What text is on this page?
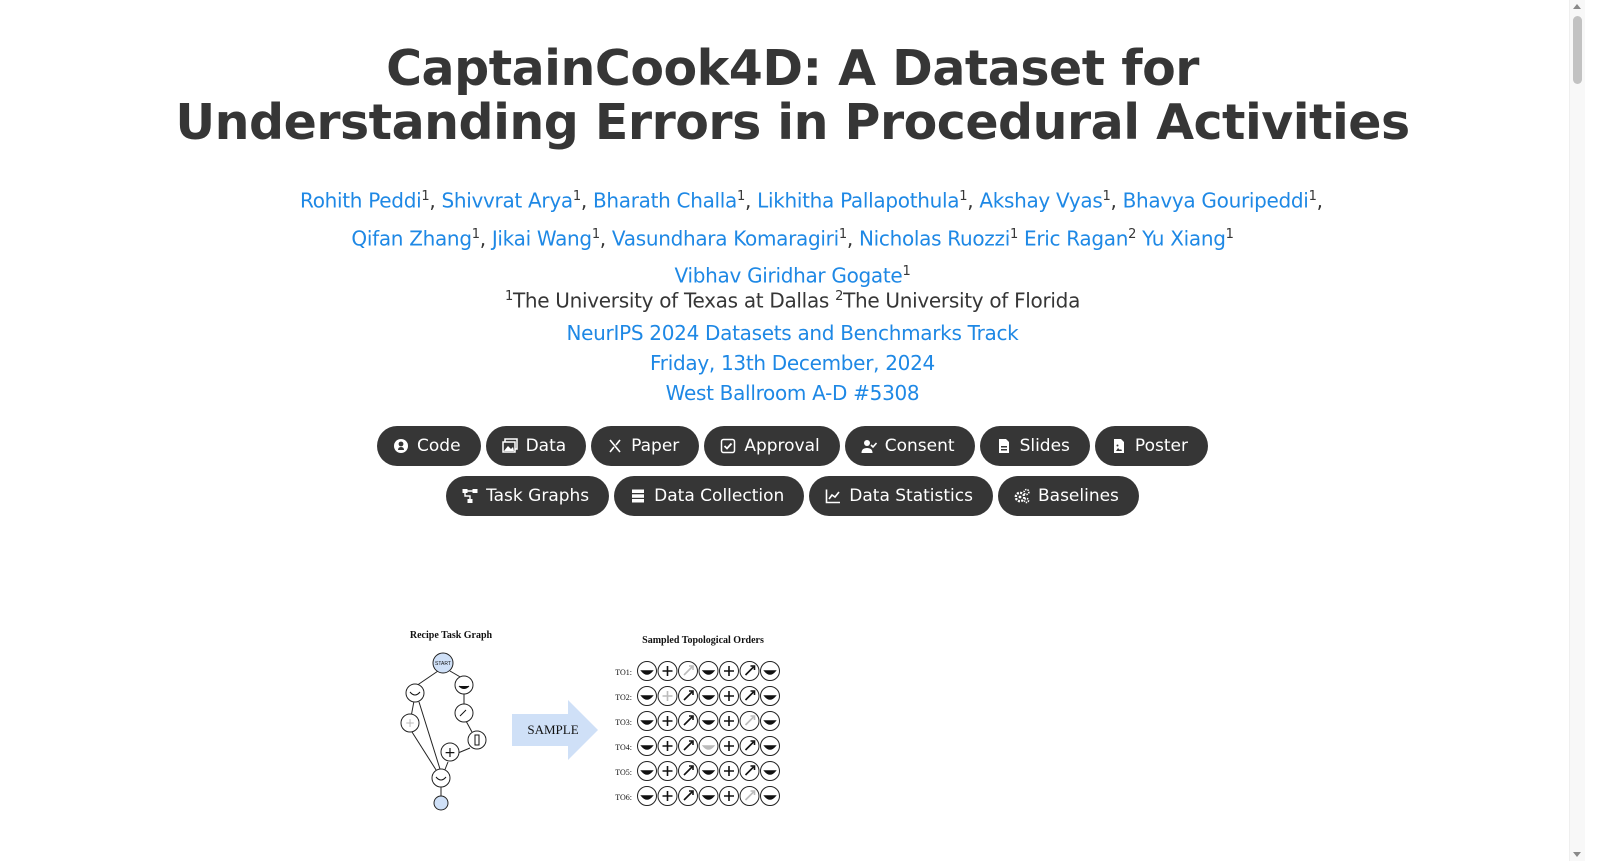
CaptainCook4D: A Dataset for
Understanding Errors in Procedural Activities
Rohith Peddi$^1$, Shivvrat Arya$^1$, Bharath Challa$^1$, Likhitha Pallapothula$^1$, Akshay Vyas$^1$, Bhavya Gouripeddi$^1$,
Qifan Zhang$^1$, Jikai Wang$^1$, Vasundhara Komaragiri$^1$, Nicholas Ruozzi$^1$ Eric Ragan$^2$ Yu Xiang$^1$
Vibhav Giridhar Gogate$^1$
$^1$The University of Texas at Dallas $^2$The University of Florida
NeurIPS 2024 Datasets and Benchmarks Track
Friday, 13th December, 2024
West Ballroom A-D #5308
Code	Data	Paper	Approval	Consent	Slides	Poster
Task Graphs	Data Collection	Data Statistics	Baselines
Recipe Task Graph
START
+
+
SAMPLE
Sampled Topological Orders
TO1:
TO2:
TO3:
TO4:
TO5:
TO6:
